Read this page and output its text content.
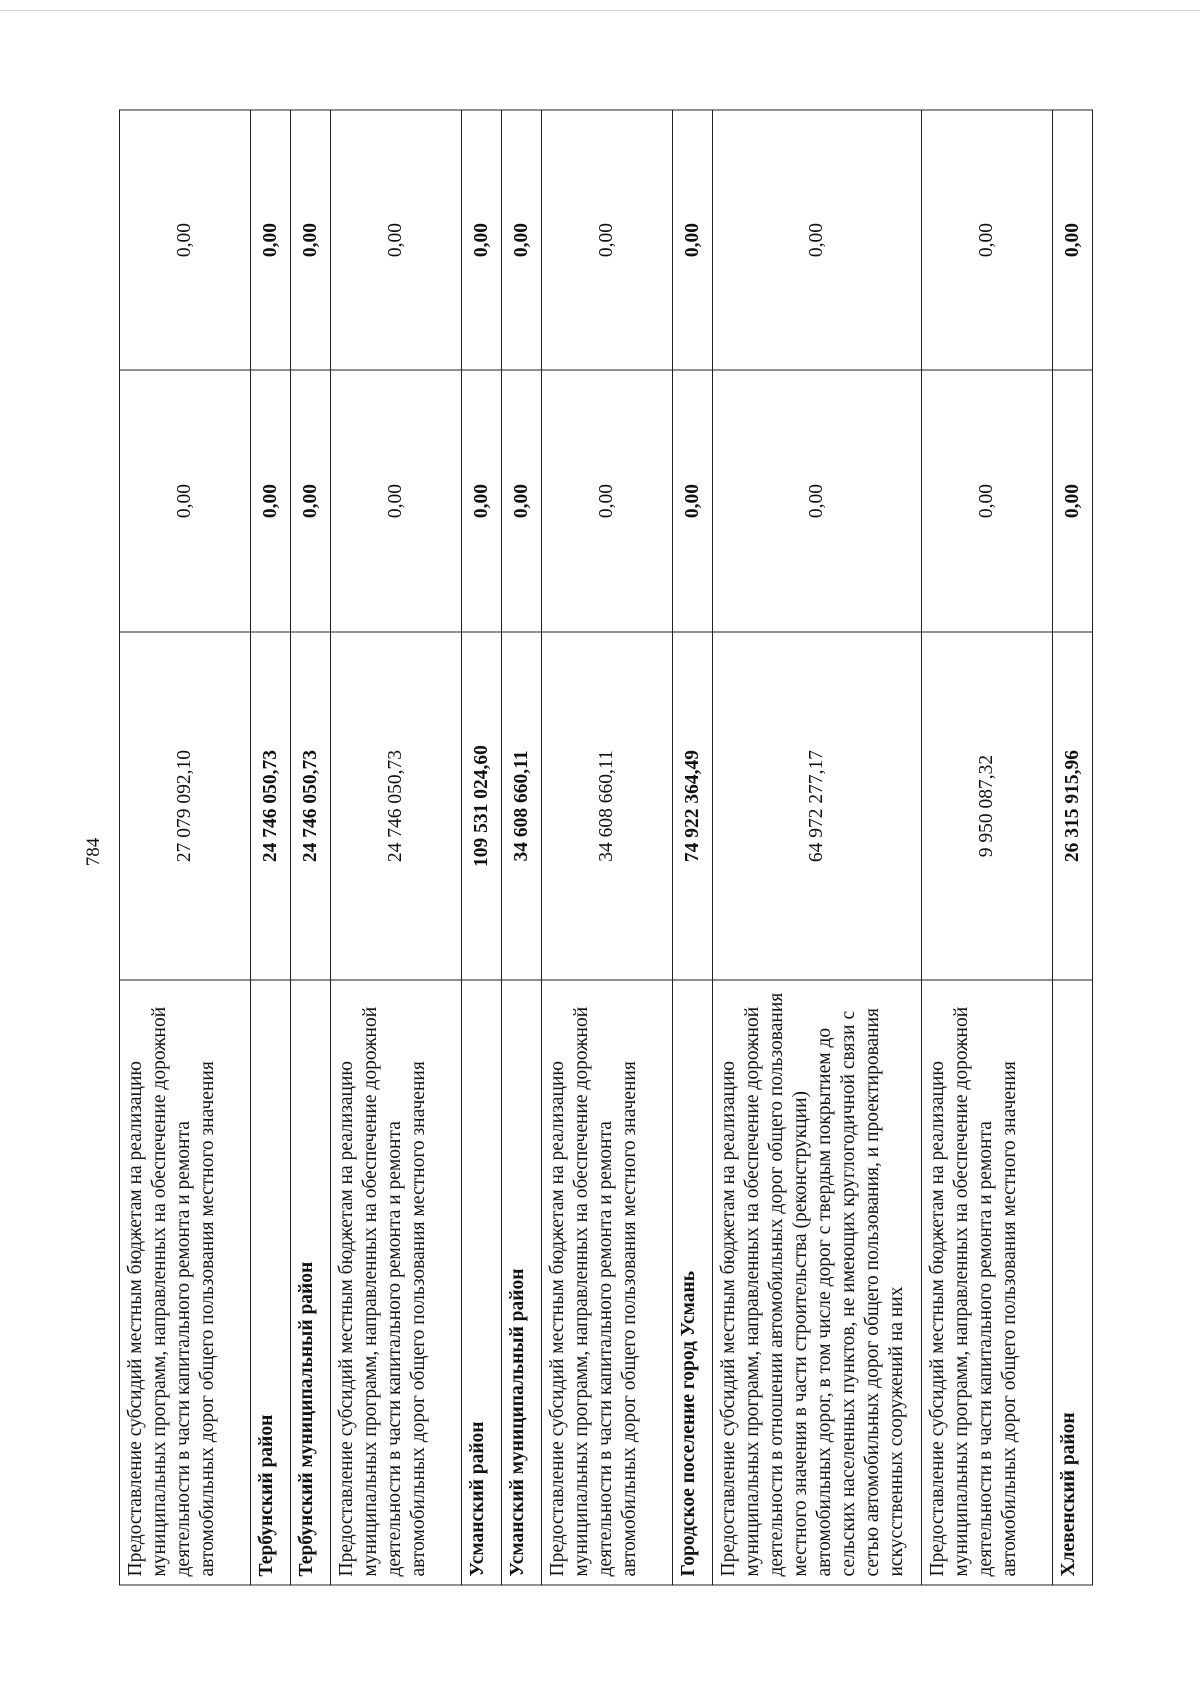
784
Предоставление субсидий местным бюджетам на реализацию муниципальных программ, направленных на обеспечение дорожной деятельности в части капитального ремонта и ремонта автомобильных дорог общего пользования местного значения	27 079 092,10	0,00	0,00
Тербунский район	24 746 050,73	0,00	0,00
Тербунский муниципальный район	24 746 050,73	0,00	0,00
Предоставление субсидий местным бюджетам на реализацию муниципальных программ, направленных на обеспечение дорожной деятельности в части капитального ремонта и ремонта автомобильных дорог общего пользования местного значения	24 746 050,73	0,00	0,00
Усманский район	109 531 024,60	0,00	0,00
Усманский муниципальный район	34 608 660,11	0,00	0,00
Предоставление субсидий местным бюджетам на реализацию муниципальных программ, направленных на обеспечение дорожной деятельности в части капитального ремонта и ремонта автомобильных дорог общего пользования местного значения	34 608 660,11	0,00	0,00
Городское поселение город Усмань	74 922 364,49	0,00	0,00
Предоставление субсидий местным бюджетам на реализацию муниципальных программ, направленных на обеспечение дорожной деятельности в отношении автомобильных дорог общего пользования местного значения в части строительства (реконструкции) автомобильных дорог, в том числе дорог с твердым покрытием до сельских населенных пунктов, не имеющих круглогодичной связи с сетью автомобильных дорог общего пользования, и проектирования искусственных сооружений на них	64 972 277,17	0,00	0,00
Предоставление субсидий местным бюджетам на реализацию муниципальных программ, направленных на обеспечение дорожной деятельности в части капитального ремонта и ремонта автомобильных дорог общего пользования местного значения	9 950 087,32	0,00	0,00
Хлевенский район	26 315 915,96	0,00	0,00
